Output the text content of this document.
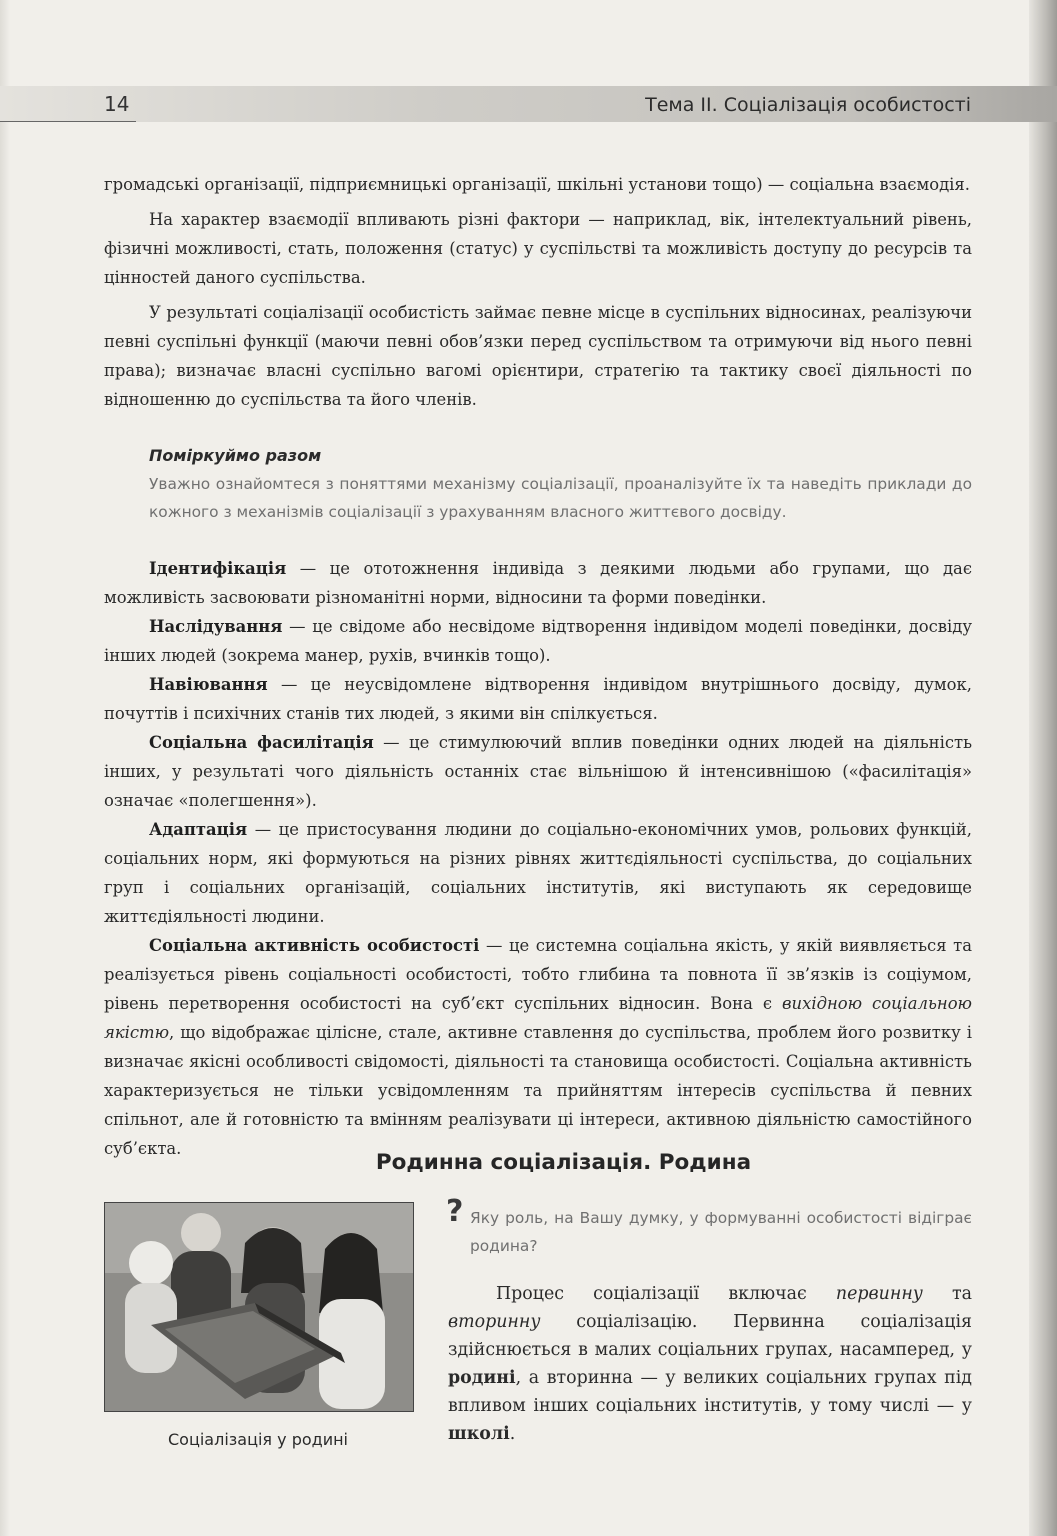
14	Тема II. Соціалізація особистості

громадські організації, підприємницькі організації, шкільні установи тощо) — соціальна взаємодія.

На характер взаємодії впливають різні фактори — наприклад, вік, інтелектуальний рівень, фізичні можливості, стать, положення (статус) у суспільстві та можливість доступу до ресурсів та цінностей даного суспільства.

У результаті соціалізації особистість займає певне місце в суспільних відносинах, реалізуючи певні суспільні функції (маючи певні обов’язки перед суспільством та отримуючи від нього певні права); визначає власні суспільно вагомі орієнтири, стратегію та тактику своєї діяльності по відношенню до суспільства та його членів.

Поміркуймо разом

Уважно ознайомтеся з поняттями механізму соціалізації, проаналізуйте їх та наведіть приклади до кожного з механізмів соціалізації з урахуванням власного життєвого досвіду.

Ідентифікація — це ототожнення індивіда з деякими людьми або групами, що дає можливість засвоювати різноманітні норми, відносини та форми поведінки.

Наслідування — це свідоме або несвідоме відтворення індивідом моделі поведінки, досвіду інших людей (зокрема манер, рухів, вчинків тощо).

Навіювання — це неусвідомлене відтворення індивідом внутрішнього досвіду, думок, почуттів і психічних станів тих людей, з якими він спілкується.

Соціальна фасилітація — це стимулюючий вплив поведінки одних людей на діяльність інших, у результаті чого діяльність останніх стає вільнішою й інтенсивнішою («фасилітація» означає «полегшення»).

Адаптація — це пристосування людини до соціально-економічних умов, рольових функцій, соціальних норм, які формуються на різних рівнях життєдіяльності суспільства, до соціальних груп і соціальних організацій, соціальних інститутів, які виступають як середовище життєдіяльності людини.

Соціальна активність особистості — це системна соціальна якість, у якій виявляється та реалізується рівень соціальності особистості, тобто глибина та повнота її зв’язків із соціумом, рівень перетворення особистості на суб’єкт суспільних відносин. Вона є вихідною соціальною якістю, що відображає цілісне, стале, активне ставлення до суспільства, проблем його розвитку і визначає якісні особливості свідомості, діяльності та становища особистості. Соціальна активність характеризується не тільки усвідомленням та прийняттям інтересів суспільства й певних спільнот, але й готовністю та вмінням реалізувати ці інтереси, активною діяльністю самостійного суб’єкта.

Родинна соціалізація. Родина
Соціалізація у родині
? Яку роль, на Вашу думку, у формуванні особистості відіграє родина?

Процес соціалізації включає первинну та вторинну соціалізацію. Первинна соціалізація здійснюється в малих соціальних групах, насамперед, у родині, а вторинна — у великих соціальних групах під впливом інших соціальних інститутів, у тому числі — у школі.
